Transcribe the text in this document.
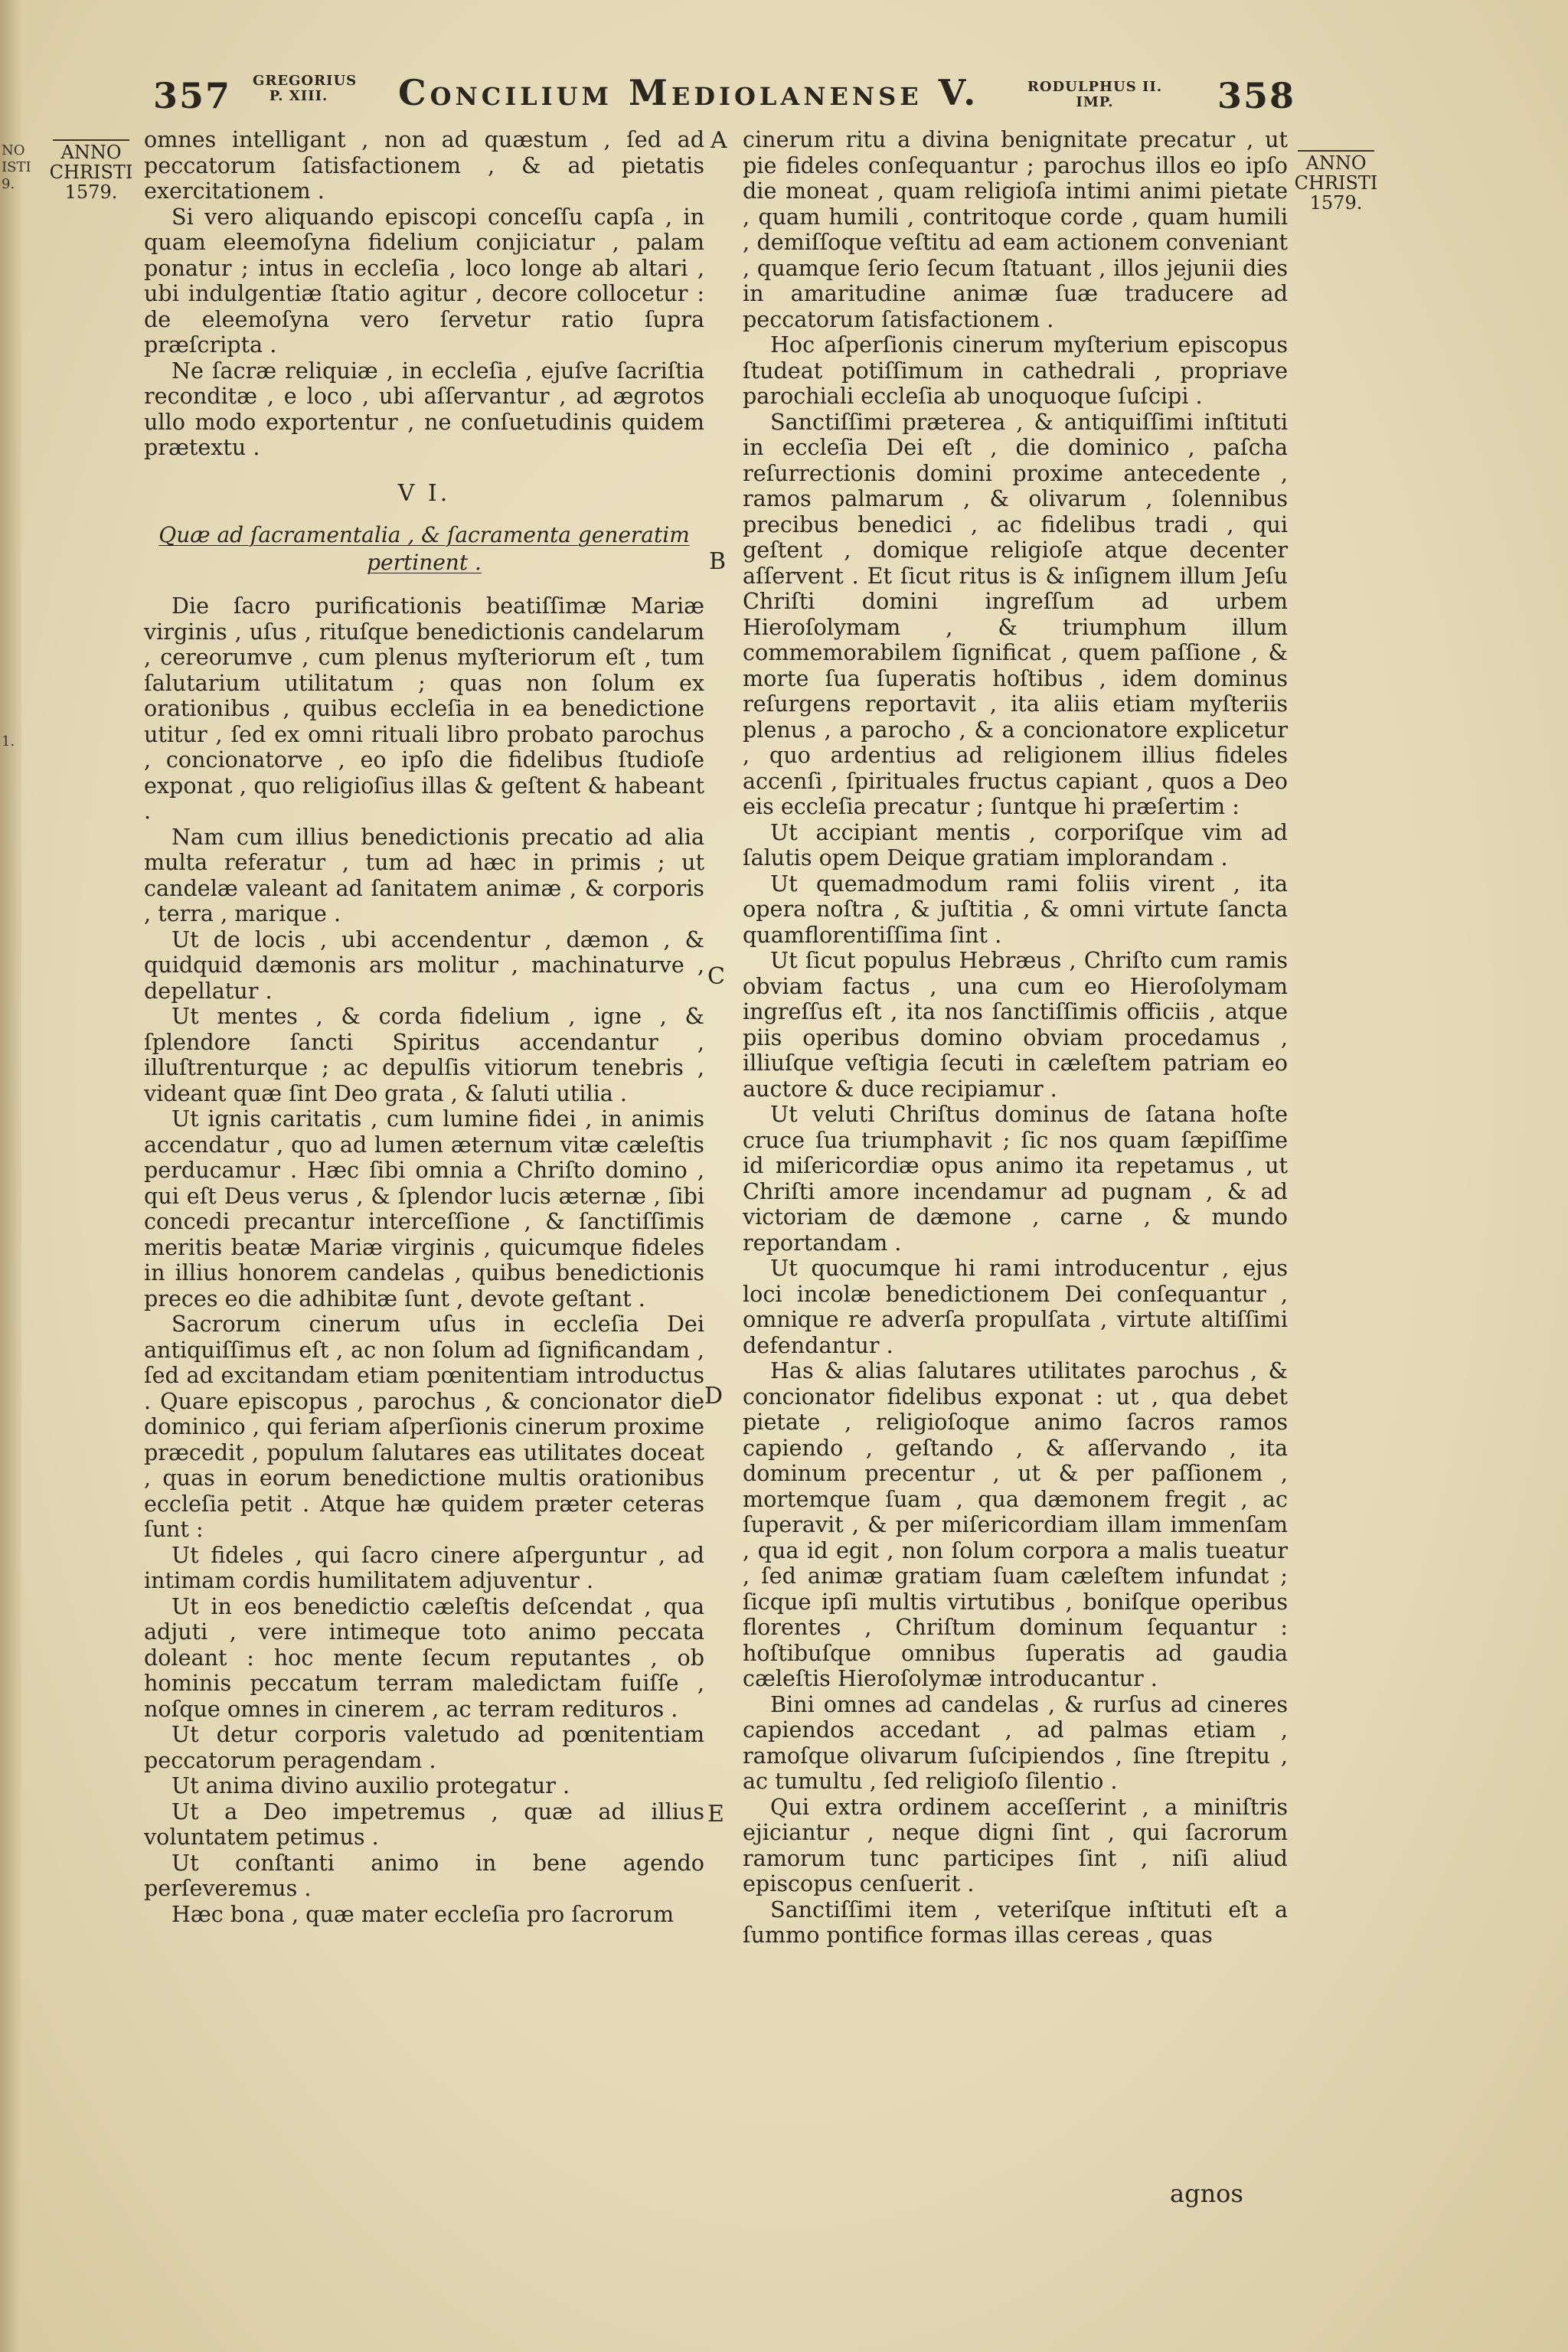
NO
ISTI
9.
1.
357 GREGORIUS
P. XIII.	Concilium Mediolanense V.	RODULPHUS II.
IMP.	358
ANNO
CHRISTI
1579.
ANNO
CHRISTI
1579.
A
B
C
D
E

omnes intelligant , non ad quæstum , ſed ad peccatorum ſatisfactionem , & ad pietatis exercitationem .

Si vero aliquando episcopi conceſſu capſa , in quam eleemoſyna fidelium conjiciatur , palam ponatur ; intus in eccleſia , loco longe ab altari , ubi indulgentiæ ſtatio agitur , decore collocetur : de eleemoſyna vero ſervetur ratio ſupra præſcripta .

Ne ſacræ reliquiæ , in eccleſia , ejuſve ſacriſtia reconditæ , e loco , ubi aſſervantur , ad ægrotos ullo modo exportentur , ne conſuetudinis quidem prætextu .

V I.
Quæ ad ſacramentalia , & ſacramenta generatim pertinent .

Die ſacro purificationis beatiſſimæ Mariæ virginis , uſus , rituſque benedictionis candelarum , cereorumve , cum plenus myſteriorum eſt , tum ſalutarium utilitatum ; quas non ſolum ex orationibus , quibus eccleſia in ea benedictione utitur , ſed ex omni rituali libro probato parochus , concionatorve , eo ipſo die fidelibus ſtudioſe exponat , quo religioſius illas & geſtent & habeant .

Nam cum illius benedictionis precatio ad alia multa referatur , tum ad hæc in primis ; ut candelæ valeant ad ſanitatem animæ , & corporis , terra , marique .

Ut de locis , ubi accendentur , dæmon , & quidquid dæmonis ars molitur , machinaturve , depellatur .

Ut mentes , & corda fidelium , igne , & ſplendore ſancti Spiritus accendantur , illuſtrenturque ; ac depulſis vitiorum tenebris , videant quæ ſint Deo grata , & ſaluti utilia .

Ut ignis caritatis , cum lumine fidei , in animis accendatur , quo ad lumen æternum vitæ cæleſtis perducamur . Hæc ſibi omnia a Chriſto domino , qui eſt Deus verus , & ſplendor lucis æternæ , ſibi concedi precantur interceſſione , & ſanctiſſimis meritis beatæ Mariæ virginis , quicumque fideles in illius honorem candelas , quibus benedictionis preces eo die adhibitæ ſunt , devote geſtant .

Sacrorum cinerum uſus in eccleſia Dei antiquiſſimus eſt , ac non ſolum ad ſignificandam , ſed ad excitandam etiam pœnitentiam introductus . Quare episcopus , parochus , & concionator die dominico , qui feriam aſperſionis cinerum proxime præcedit , populum ſalutares eas utilitates doceat , quas in eorum benedictione multis orationibus eccleſia petit . Atque hæ quidem præter ceteras ſunt :

Ut fideles , qui ſacro cinere aſperguntur , ad intimam cordis humilitatem adjuventur .

Ut in eos benedictio cæleſtis deſcendat , qua adjuti , vere intimeque toto animo peccata doleant : hoc mente ſecum reputantes , ob hominis peccatum terram maledictam fuiſſe , noſque omnes in cinerem , ac terram redituros .

Ut detur corporis valetudo ad pœnitentiam peccatorum peragendam .

Ut anima divino auxilio protegatur .

Ut a Deo impetremus , quæ ad illius voluntatem petimus .

Ut conſtanti animo in bene agendo perſeveremus .

Hæc bona , quæ mater eccleſia pro ſacrorum

cinerum ritu a divina benignitate precatur , ut pie fideles conſequantur ; parochus illos eo ipſo die moneat , quam religioſa intimi animi pietate , quam humili , contritoque corde , quam humili , demiſſoque veſtitu ad eam actionem conveniant , quamque ſerio ſecum ſtatuant , illos jejunii dies in amaritudine animæ ſuæ traducere ad peccatorum ſatisfactionem .

Hoc aſperſionis cinerum myſterium episcopus ſtudeat potiſſimum in cathedrali , propriave parochiali eccleſia ab unoquoque ſuſcipi .

Sanctiſſimi præterea , & antiquiſſimi inſtituti in eccleſia Dei eſt , die dominico , paſcha reſurrectionis domini proxime antecedente , ramos palmarum , & olivarum , ſolennibus precibus benedici , ac fidelibus tradi , qui geſtent , domique religioſe atque decenter aſſervent . Et ſicut ritus is & inſignem illum Jeſu Chriſti domini ingreſſum ad urbem Hieroſolymam , & triumphum illum commemorabilem ſignificat , quem paſſione , & morte ſua ſuperatis hoſtibus , idem dominus reſurgens reportavit , ita aliis etiam myſteriis plenus , a parocho , & a concionatore explicetur , quo ardentius ad religionem illius fideles accenſi , ſpirituales fructus capiant , quos a Deo eis eccleſia precatur ; ſuntque hi præſertim :

Ut accipiant mentis , corporiſque vim ad ſalutis opem Deique gratiam implorandam .

Ut quemadmodum rami foliis virent , ita opera noſtra , & juſtitia , & omni virtute ſancta quamflorentiſſima ſint .

Ut ſicut populus Hebræus , Chriſto cum ramis obviam factus , una cum eo Hieroſolymam ingreſſus eſt , ita nos ſanctiſſimis officiis , atque piis operibus domino obviam procedamus , illiuſque veſtigia ſecuti in cæleſtem patriam eo auctore & duce recipiamur .

Ut veluti Chriſtus dominus de ſatana hoſte cruce ſua triumphavit ; ſic nos quam ſæpiſſime id miſericordiæ opus animo ita repetamus , ut Chriſti amore incendamur ad pugnam , & ad victoriam de dæmone , carne , & mundo reportandam .

Ut quocumque hi rami introducentur , ejus loci incolæ benedictionem Dei conſequantur , omnique re adverſa propulſata , virtute altiſſimi defendantur .

Has & alias ſalutares utilitates parochus , & concionator fidelibus exponat : ut , qua debet pietate , religioſoque animo ſacros ramos capiendo , geſtando , & aſſervando , ita dominum precentur , ut & per paſſionem , mortemque ſuam , qua dæmonem fregit , ac ſuperavit , & per miſericordiam illam immenſam , qua id egit , non ſolum corpora a malis tueatur , ſed animæ gratiam ſuam cæleſtem infundat ; ſicque ipſi multis virtutibus , boniſque operibus florentes , Chriſtum dominum ſequantur : hoſtibuſque omnibus ſuperatis ad gaudia cæleſtis Hieroſolymæ introducantur .

Bini omnes ad candelas , & rurſus ad cineres capiendos accedant , ad palmas etiam , ramoſque olivarum ſuſcipiendos , ſine ſtrepitu , ac tumultu , ſed religioſo ſilentio .

Qui extra ordinem acceſſerint , a miniſtris ejiciantur , neque digni ſint , qui ſacrorum ramorum tunc participes ſint , niſi aliud episcopus cenſuerit .

Sanctiſſimi item , veteriſque inſtituti eſt a ſummo pontifice formas illas cereas , quas

agnos
